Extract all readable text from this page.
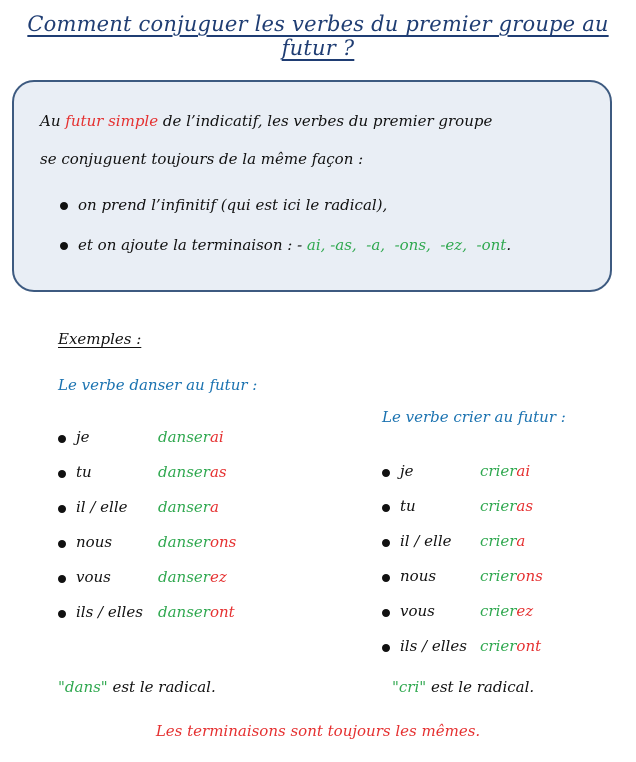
Comment conjuguer les verbes du premier groupe au futur ?
Au futur simple de l’indicatif, les verbes du premier groupe
se conjuguent toujours de la même façon :
on prend l’infinitif (qui est ici le radical),
et on ajoute la terminaison : - ai, -as, -a, -ons, -ez, -ont.
Exemples :
Le verbe danser au futur :
je	danserai
tu	danseras
il / elle dansera
nous	danserons
vous	danserez
ils / elles danseront
"dans" est le radical.
Le verbe crier au futur :
je	crierai
tu	crieras
il / elle criera
nous	crierons
vous	crierez
ils / elles crieront
"cri" est le radical.
Les terminaisons sont toujours les mêmes.
